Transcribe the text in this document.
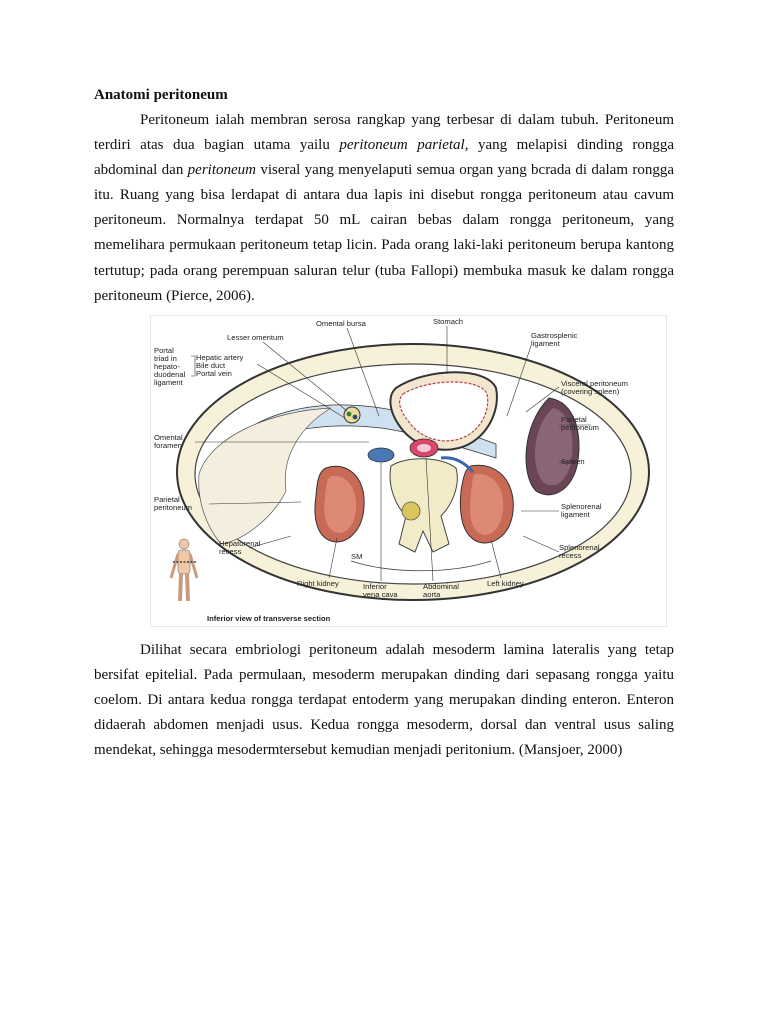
Anatomi peritoneum

Peritoneum ialah membran serosa rangkap yang terbesar di dalam tubuh. Peritoneum terdiri atas dua bagian utama yailu peritoneum parietal, yang melapisi dinding rongga abdominal dan peritoneum viseral yang menyelaputi semua organ yang bcrada di dalam rongga itu. Ruang yang bisa lerdapat di antara dua lapis ini disebut rongga peritoneum atau cavum peritoneum. Normalnya terdapat 50 mL cairan bebas dalam rongga peritoneum, yang memelihara permukaan peritoneum tetap licin. Pada orang laki-laki peritoneum berupa kantong tertutup; pada orang perempuan saluran telur (tuba Fallopi) membuka masuk ke dalam rongga peritoneum (Pierce, 2006).

Lesser omentum
Omental bursa	Stomach
Gastrosplenic
ligament
Portal
triad in
hepato-
duodenal
ligament
Hepatic artery
Bile duct
Portal vein
Visceral peritoneum
(covering spleen)
Parietal
peritoneum
Omental
foramen
Spleen
Parietal
peritoneum	Splenorenal
ligament
Hepatorenal
recess	Splenorenal
recess
Right kidney	Inferior
vena cava
Abdominal
aorta
Left kidney
SM
Inferior view of transverse section

Dilihat secara embriologi peritoneum adalah mesoderm lamina lateralis yang tetap bersifat epitelial. Pada permulaan, mesoderm merupakan dinding dari sepasang rongga yaitu coelom. Di antara kedua rongga terdapat entoderm yang merupakan dinding enteron. Enteron didaerah abdomen menjadi usus. Kedua rongga mesoderm, dorsal dan ventral usus saling mendekat, sehingga mesodermtersebut kemudian menjadi peritonium. (Mansjoer, 2000)
